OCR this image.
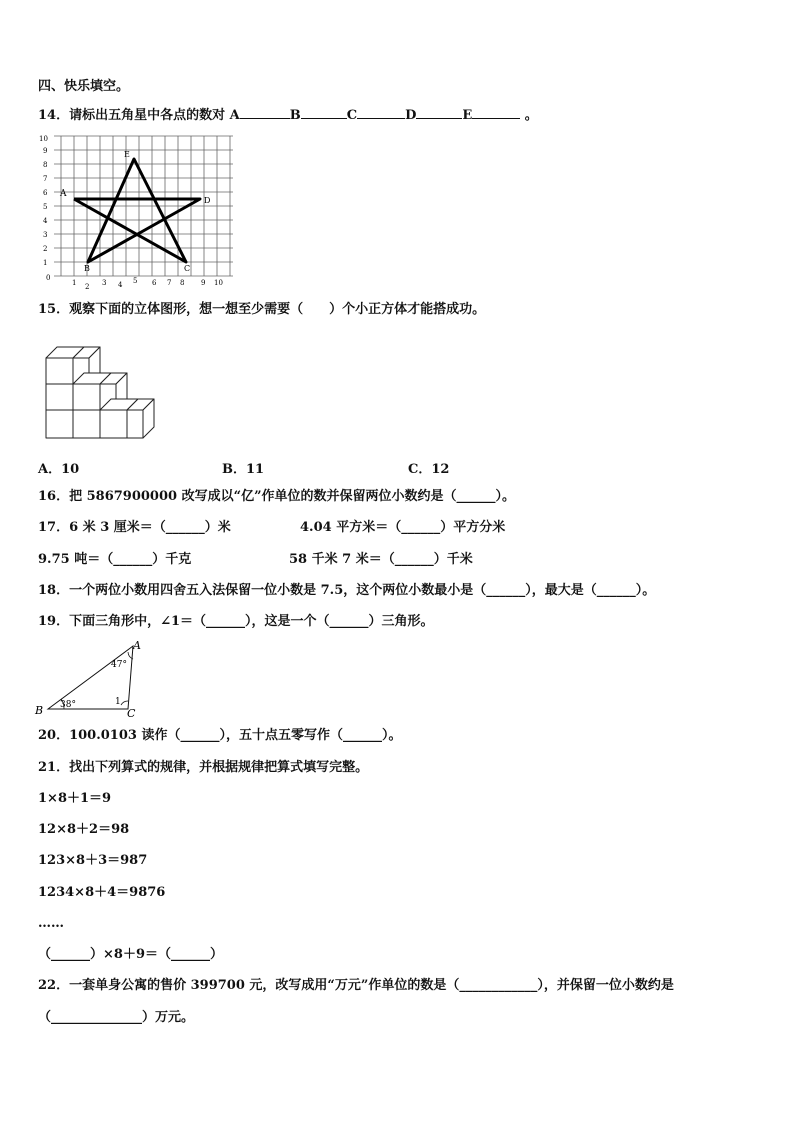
四、快乐填空。
14．请标出五角星中各点的数对 A	B	C	D	E	。
A
B	C
D
E
0
1 2 3 4 5 6 7 8 9 10
1
2
3
4
5
6
7
8
9
10
15．观察下面的立体图形，想一想至少需要（　　）个小正方体才能搭成功。
A．10	B．11	C．12
16．把 5867900000 改写成以“亿”作单位的数并保留两位小数约是（______）。
17．6 米 3 厘米＝（______）米	4.04 平方米＝（______）平方分米
9.75 吨＝（______）千克	58 千米 7 米＝（______）千米
18．一个两位小数用四舍五入法保留一位小数是 7.5，这个两位小数最小是（______），最大是（______）。
19．下面三角形中，∠1＝（______），这是一个（______）三角形。
A
B	C
47°
38°	1
20．100.0103 读作（______），五十点五零写作（______）。
21．找出下列算式的规律，并根据规律把算式填写完整。
1×8＋1＝9
12×8＋2＝98
123×8＋3＝987
1234×8＋4＝9876
……
（______）×8＋9＝（______）
22．一套单身公寓的售价 399700 元，改写成用“万元”作单位的数是（____________），并保留一位小数约是
（______________）万元。
